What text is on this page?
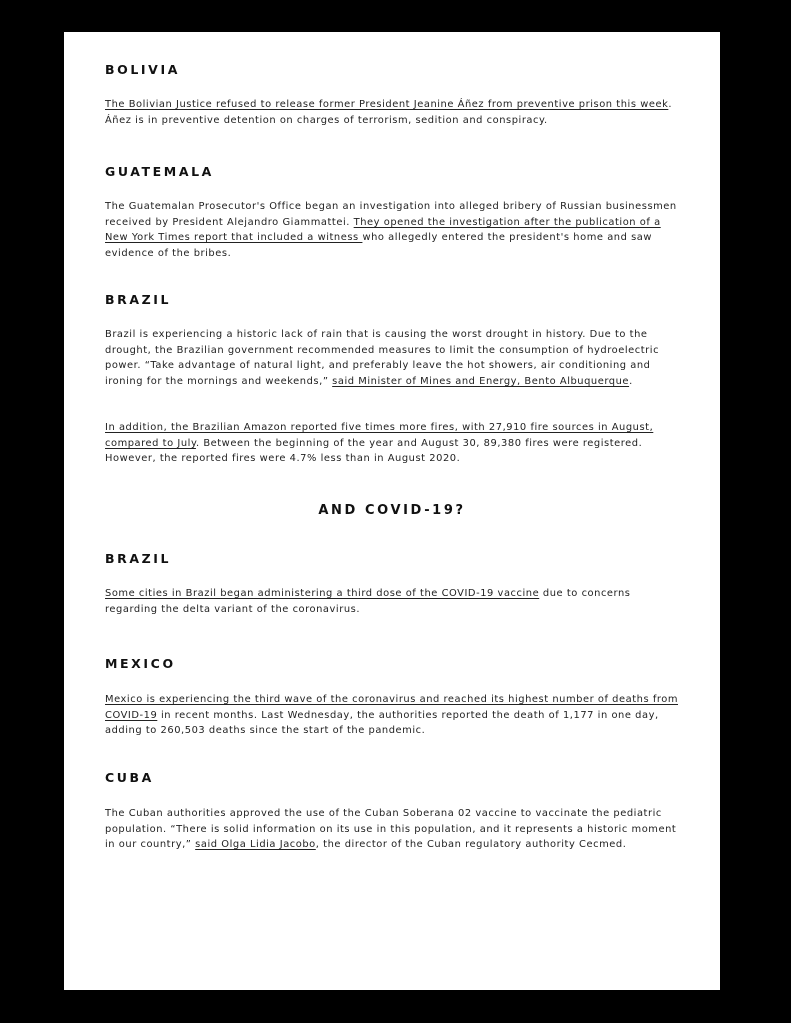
BOLIVIA

The Bolivian Justice refused to release former President Jeanine Áñez from preventive prison this week. Áñez is in preventive detention on charges of terrorism, sedition and conspiracy.

GUATEMALA

The Guatemalan Prosecutor's Office began an investigation into alleged bribery of Russian businessmen received by President Alejandro Giammattei. They opened the investigation after the publication of a New York Times report that included a witness who allegedly entered the president's home and saw evidence of the bribes.

BRAZIL

Brazil is experiencing a historic lack of rain that is causing the worst drought in history. Due to the drought, the Brazilian government recommended measures to limit the consumption of hydroelectric power. “Take advantage of natural light, and preferably leave the hot showers, air conditioning and ironing for the mornings and weekends,” said Minister of Mines and Energy, Bento Albuquerque.

In addition, the Brazilian Amazon reported five times more fires, with 27,910 fire sources in August, compared to July. Between the beginning of the year and August 30, 89,380 fires were registered. However, the reported fires were 4.7% less than in August 2020.

AND COVID-19?
BRAZIL

Some cities in Brazil began administering a third dose of the COVID-19 vaccine due to concerns regarding the delta variant of the coronavirus.

MEXICO

Mexico is experiencing the third wave of the coronavirus and reached its highest number of deaths from COVID-19 in recent months. Last Wednesday, the authorities reported the death of 1,177 in one day, adding to 260,503 deaths since the start of the pandemic.

CUBA

The Cuban authorities approved the use of the Cuban Soberana 02 vaccine to vaccinate the pediatric population. “There is solid information on its use in this population, and it represents a historic moment in our country,” said Olga Lidia Jacobo, the director of the Cuban regulatory authority Cecmed.
